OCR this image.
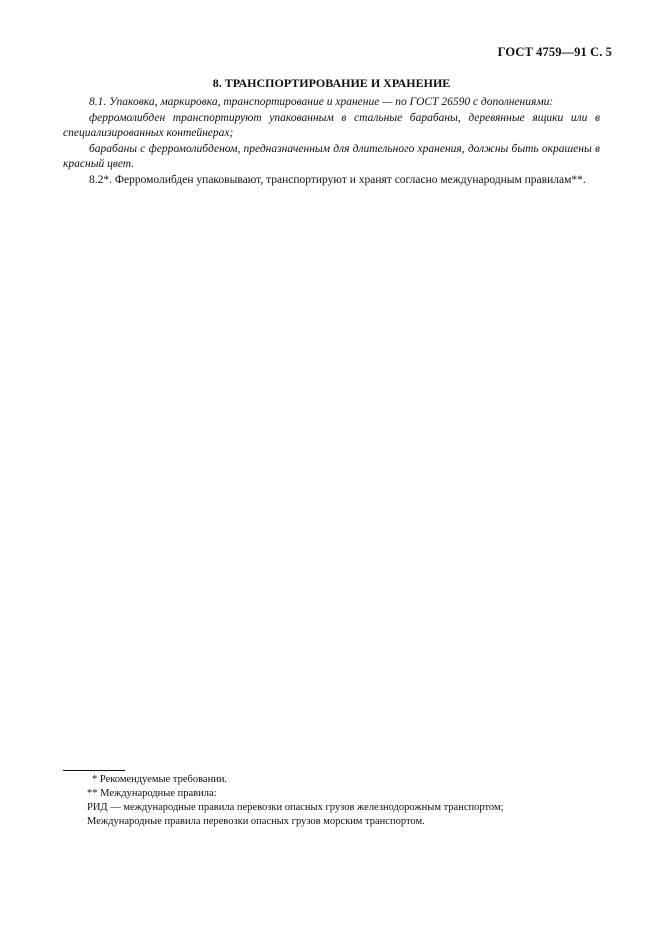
ГОСТ 4759—91 С. 5
8. ТРАНСПОРТИРОВАНИЕ И ХРАНЕНИЕ

8.1. Упаковка, маркировка, транспортирование и хранение — по ГОСТ 26590 с дополнениями:

ферромолибден транспортируют упакованным в стальные барабаны, деревянные ящики или в специализированных контейнерах;

барабаны с ферромолибденом, предназначенным для длительного хранения, должны быть окрашены в красный цвет.

8.2*. Ферромолибден упаковывают, транспортируют и хранят согласно международным правилам**.

* Рекомендуемые требовании.
** Международные правила:
РИД — международные правила перевозки опасных грузов железнодорожным транспортом;
Международные правила перевозки опасных грузов морским транспортом.
